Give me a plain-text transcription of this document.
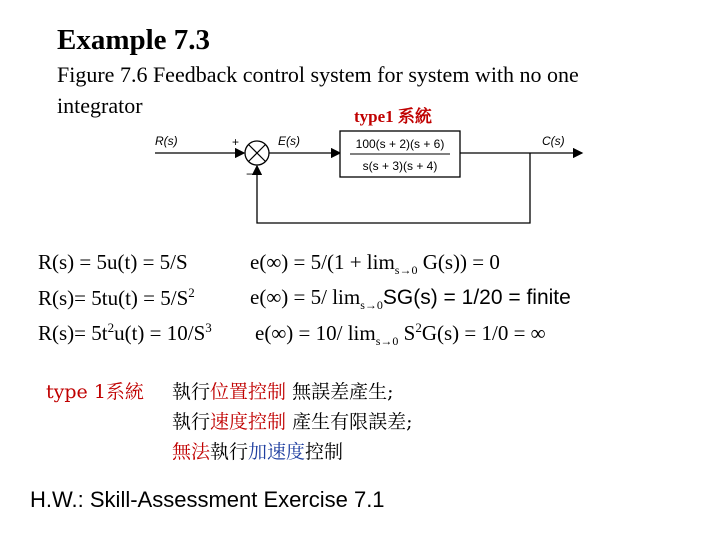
Example 7.3
Figure 7.6 Feedback control system for system with no one
integrator	type1 系統
R(s)	+
−
E(s)	100(s + 2)(s + 6)
s(s + 3)(s + 4)
C(s)
R(s) = 5u(t) = 5/S	$e(\infty) = 5/(1 + \lim_{s\to 0} G(s)) = 0$
$R(s)= 5tu(t) = 5/S^2$	e(∞) = 5/ $\lim_{s\to 0}SG(s) = 1/20$ = finite
$R(s)= 5t^2u(t) = 10/S^3$ e(∞) = 10/ $\lim_{s\to 0} S^2G(s) = 1/0$ = ∞
type 1系統 執行位置控制 無誤差產生;
執行速度控制 產生有限誤差;
無法執行加速度控制
H.W.: Skill-Assessment Exercise 7.1
